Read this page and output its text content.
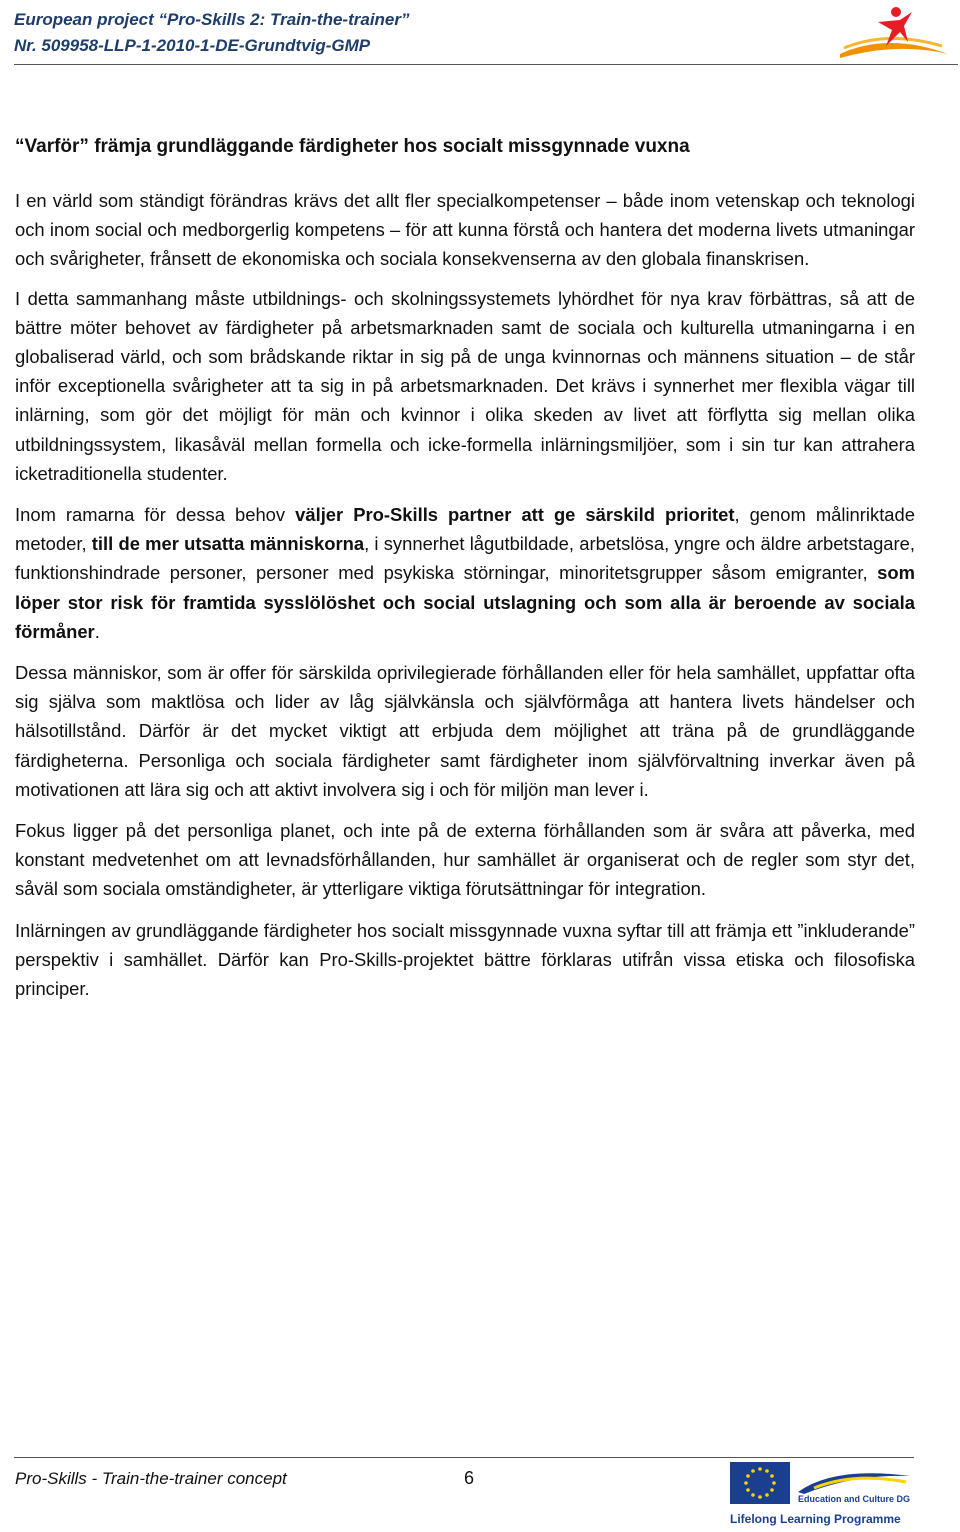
European project “Pro-Skills 2: Train-the-trainer”
Nr. 509958-LLP-1-2010-1-DE-Grundtvig-GMP
“Varför” främja grundläggande färdigheter hos socialt missgynnade vuxna

I en värld som ständigt förändras krävs det allt fler specialkompetenser – både inom vetenskap och teknologi och inom social och medborgerlig kompetens – för att kunna förstå och hantera det moderna livets utmaningar och svårigheter, frånsett de ekonomiska och sociala konsekvenserna av den globala finanskrisen.

I detta sammanhang måste utbildnings- och skolningssystemets lyhördhet för nya krav förbättras, så att de bättre möter behovet av färdigheter på arbetsmarknaden samt de sociala och kulturella utmaningarna i en globaliserad värld, och som brådskande riktar in sig på de unga kvinnornas och männens situation – de står inför exceptionella svårigheter att ta sig in på arbetsmarknaden. Det krävs i synnerhet mer flexibla vägar till inlärning, som gör det möjligt för män och kvinnor i olika skeden av livet att förflytta sig mellan olika utbildningssystem, likasåväl mellan formella och icke-formella inlärningsmiljöer, som i sin tur kan attrahera icketraditionella studenter.

Inom ramarna för dessa behov väljer Pro-Skills partner att ge särskild prioritet, genom målinriktade metoder, till de mer utsatta människorna, i synnerhet lågutbildade, arbetslösa, yngre och äldre arbetstagare, funktionshindrade personer, personer med psykiska störningar, minoritetsgrupper såsom emigranter, som löper stor risk för framtida sysslölöshet och social utslagning och som alla är beroende av sociala förmåner.

Dessa människor, som är offer för särskilda oprivilegierade förhållanden eller för hela samhället, uppfattar ofta sig själva som maktlösa och lider av låg självkänsla och självförmåga att hantera livets händelser och hälsotillstånd. Därför är det mycket viktigt att erbjuda dem möjlighet att träna på de grundläggande färdigheterna. Personliga och sociala färdigheter samt färdigheter inom självförvaltning inverkar även på motivationen att lära sig och att aktivt involvera sig i och för miljön man lever i.

Fokus ligger på det personliga planet, och inte på de externa förhållanden som är svåra att påverka, med konstant medvetenhet om att levnadsförhållanden, hur samhället är organiserat och de regler som styr det, såväl som sociala omständigheter, är ytterligare viktiga förutsättningar för integration.

Inlärningen av grundläggande färdigheter hos socialt missgynnade vuxna syftar till att främja ett ”inkluderande” perspektiv i samhället. Därför kan Pro-Skills-projektet bättre förklaras utifrån vissa etiska och filosofiska principer.

Pro-Skills - Train-the-trainer concept	6
Education and Culture DG
Lifelong Learning Programme
